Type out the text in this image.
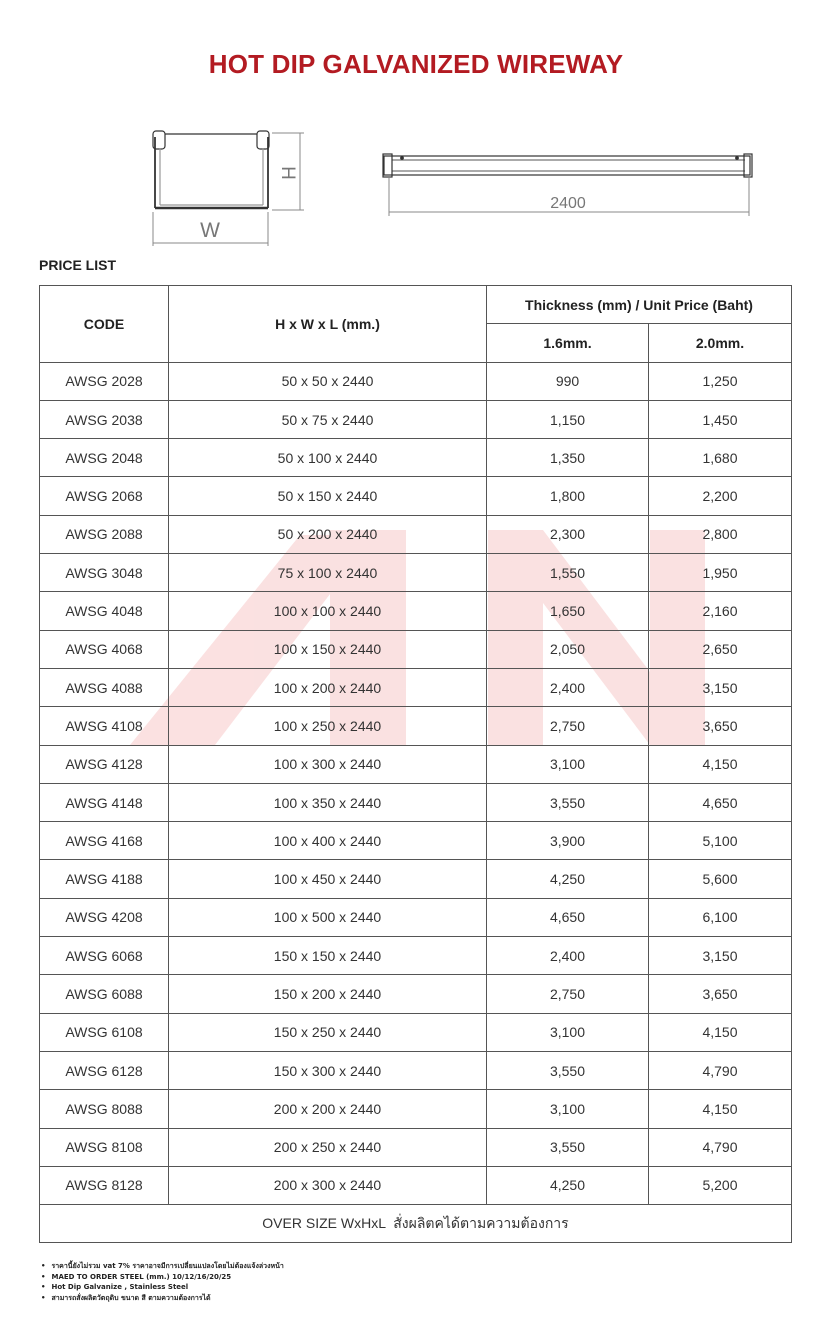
HOT DIP GALVANIZED WIREWAY
H
W
2400
PRICE LIST
CODE	H x W x L (mm.)	Thickness (mm) / Unit Price (Baht)	
		1.6mm.	2.0mm.
AWSG 2028	50 x 50 x 2440	990	1,250
AWSG 2038	50 x 75 x 2440	1,150	1,450
AWSG 2048	50 x 100 x 2440	1,350	1,680
AWSG 2068	50 x 150 x 2440	1,800	2,200
AWSG 2088	50 x 200 x 2440	2,300	2,800
AWSG 3048	75 x 100 x 2440	1,550	1,950
AWSG 4048	100 x 100 x 2440	1,650	2,160
AWSG 4068	100 x 150 x 2440	2,050	2,650
AWSG 4088	100 x 200 x 2440	2,400	3,150
AWSG 4108	100 x 250 x 2440	2,750	3,650
AWSG 4128	100 x 300 x 2440	3,100	4,150
AWSG 4148	100 x 350 x 2440	3,550	4,650
AWSG 4168	100 x 400 x 2440	3,900	5,100
AWSG 4188	100 x 450 x 2440	4,250	5,600
AWSG 4208	100 x 500 x 2440	4,650	6,100
AWSG 6068	150 x 150 x 2440	2,400	3,150
AWSG 6088	150 x 200 x 2440	2,750	3,650
AWSG 6108	150 x 250 x 2440	3,100	4,150
AWSG 6128	150 x 300 x 2440	3,550	4,790
AWSG 8088	200 x 200 x 2440	3,100	4,150
AWSG 8108	200 x 250 x 2440	3,550	4,790
AWSG 8128	200 x 300 x 2440	4,250	5,200
OVER SIZE WxHxL  สั่งผลิตคได้ตามความต้องการ			
• ราคานี้ยังไม่รวม vat 7% ราคาอาจมีการเปลี่ยนแปลงโดยไม่ต้องแจ้งล่วงหน้า
• MAED TO ORDER STEEL (mm.) 10/12/16/20/25
• Hot Dip Galvanize , Stainless Steel
• สามารถสั่งผลิตวัตถุดิบ ขนาด สี ตามความต้องการได้
